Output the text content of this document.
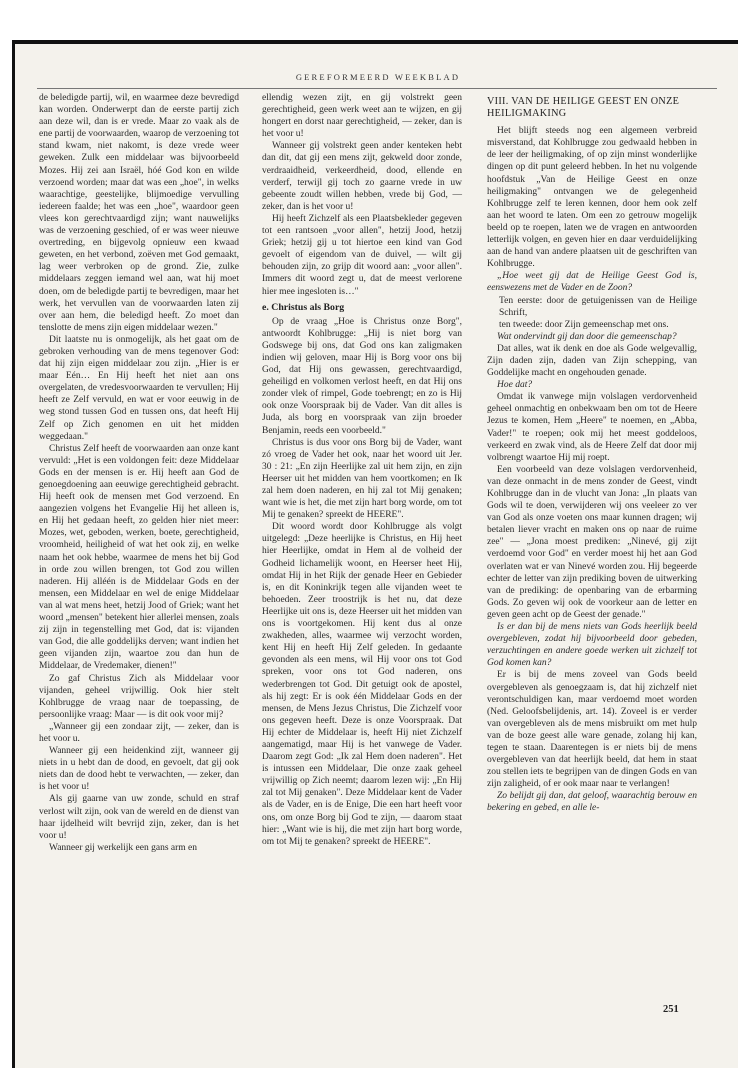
GEREFORMEERD WEEKBLAD

de beledigde partij, wil, en waarmee deze bevredigd kan worden. Onderwerpt dan de eerste partij zich aan deze wil, dan is er vrede. Maar zo vaak als de ene partij de voorwaarden, waarop de verzoening tot stand kwam, niet nakomt, is deze vrede weer geweken. Zulk een middelaar was bijvoorbeeld Mozes. Hij zei aan Israël, hóé God kon en wilde verzoend worden; maar dat was een „hoe", in welks waarachtige, geestelijke, blijmoedige vervulling iedereen faalde; het was een „hoe", waardoor geen vlees kon gerechtvaardigd zijn; want nauwelijks was de verzoening geschied, of er was weer nieuwe overtreding, en bijgevolg opnieuw een kwaad geweten, en het verbond, zoëven met God gemaakt, lag weer verbroken op de grond. Zie, zulke middelaars zeggen iemand wel aan, wat hij moet doen, om de beledigde partij te bevredigen, maar het werk, het vervullen van de voorwaarden laten zij over aan hem, die beledigd heeft. Zo moet dan tenslotte de mens zijn eigen middelaar wezen."

Dit laatste nu is onmogelijk, als het gaat om de gebroken verhouding van de mens tegenover God: dat hij zijn eigen middelaar zou zijn. „Hier is er maar Eén… En Hij heeft het niet aan ons overgelaten, de vredesvoorwaarden te vervullen; Hij heeft ze Zelf vervuld, en wat er voor eeuwig in de weg stond tussen God en tussen ons, dat heeft Hij Zelf op Zich genomen en uit het midden weggedaan."

Christus Zelf heeft de voorwaarden aan onze kant vervuld: „Het is een voldongen feit: deze Middelaar Gods en der mensen is er. Hij heeft aan God de genoegdoening aan eeuwige gerechtigheid gebracht. Hij heeft ook de mensen met God verzoend. En aangezien volgens het Evangelie Hij het alleen is, en Hij het gedaan heeft, zo gelden hier niet meer: Mozes, wet, geboden, werken, boete, gerechtigheid, vroomheid, heiligheid of wat het ook zij, en welke naam het ook hebbe, waarmee de mens het bij God in orde zou willen brengen, tot God zou willen naderen. Hij alléén is de Middelaar Gods en der mensen, een Middelaar en wel de enige Middelaar van al wat mens heet, hetzij Jood of Griek; want het woord „mensen" betekent hier allerlei mensen, zoals zij zijn in tegenstelling met God, dat is: vijanden van God, die alle goddelijks derven; want indien het geen vijanden zijn, waartoe zou dan hun de Middelaar, de Vredemaker, dienen!"

Zo gaf Christus Zich als Middelaar voor vijanden, geheel vrijwillig. Ook hier stelt Kohlbrugge de vraag naar de toepassing, de persoonlijke vraag: Maar — is dit ook voor mij?

„Wanneer gij een zondaar zijt, — zeker, dan is het voor u.

Wanneer gij een heidenkind zijt, wanneer gij niets in u hebt dan de dood, en gevoelt, dat gij ook niets dan de dood hebt te verwachten, — zeker, dan is het voor u!

Als gij gaarne van uw zonde, schuld en straf verlost wilt zijn, ook van de wereld en de dienst van haar ijdelheid wilt bevrijd zijn, zeker, dan is het voor u!

Wanneer gij werkelijk een gans arm en

ellendig wezen zijt, en gij volstrekt geen gerechtigheid, geen werk weet aan te wijzen, en gij hongert en dorst naar gerechtigheid, — zeker, dan is het voor u!

Wanneer gij volstrekt geen ander kenteken hebt dan dit, dat gij een mens zijt, gekweld door zonde, verdraaidheid, verkeerdheid, dood, ellende en verderf, terwijl gij toch zo gaarne vrede in uw gebeente zoudt willen hebben, vrede bij God, — zeker, dan is het voor u!

Hij heeft Zichzelf als een Plaatsbekleder gegeven tot een rantsoen „voor allen", hetzij Jood, hetzij Griek; hetzij gij u tot hiertoe een kind van God gevoelt of eigendom van de duivel, — wilt gij behouden zijn, zo grijp dit woord aan: „voor allen". Immers dit woord zegt u, dat de meest verlorene hier mee ingesloten is…"

e. Christus als Borg

Op de vraag „Hoe is Christus onze Borg", antwoordt Kohlbrugge: „Hij is niet borg van Godswege bij ons, dat God ons kan zaligmaken indien wij geloven, maar Hij is Borg voor ons bij God, dat Hij ons gewassen, gerechtvaardigd, geheiligd en volkomen verlost heeft, en dat Hij ons zonder vlek of rimpel, Gode toebrengt; en zo is Hij ook onze Voorspraak bij de Vader. Van dit alles is Juda, als borg en voorspraak van zijn broeder Benjamin, reeds een voorbeeld."

Christus is dus voor ons Borg bij de Vader, want zó vroeg de Vader het ook, naar het woord uit Jer. 30 : 21: „En zijn Heerlijke zal uit hem zijn, en zijn Heerser uit het midden van hem voortkomen; en Ik zal hem doen naderen, en hij zal tot Mij genaken; want wie is het, die met zijn hart borg worde, om tot Mij te genaken? spreekt de HEERE".

Dit woord wordt door Kohlbrugge als volgt uitgelegd: „Deze heerlijke is Christus, en Hij heet hier Heerlijke, omdat in Hem al de volheid der Godheid lichamelijk woont, en Heerser heet Hij, omdat Hij in het Rijk der genade Heer en Gebieder is, en dit Koninkrijk tegen alle vijanden weet te behoeden. Zeer troostrijk is het nu, dat deze Heerlijke uit ons is, deze Heerser uit het midden van ons is voortgekomen. Hij kent dus al onze zwakheden, alles, waarmee wij verzocht worden, kent Hij en heeft Hij Zelf geleden. In gedaante gevonden als een mens, wil Hij voor ons tot God spreken, voor ons tot God naderen, ons wederbrengen tot God. Dit getuigt ook de apostel, als hij zegt: Er is ook één Middelaar Gods en der mensen, de Mens Jezus Christus, Die Zichzelf voor ons gegeven heeft. Deze is onze Voorspraak. Dat Hij echter de Middelaar is, heeft Hij niet Zichzelf aangematigd, maar Hij is het vanwege de Vader. Daarom zegt God: „Ik zal Hem doen naderen". Het is intussen een Middelaar, Die onze zaak geheel vrijwillig op Zich neemt; daarom lezen wij: „En Hij zal tot Mij genaken". Deze Middelaar kent de Vader als de Vader, en is de Enige, Die een hart heeft voor ons, om onze Borg bij God te zijn, — daarom staat hier: „Want wie is hij, die met zijn hart borg worde, om tot Mij te genaken? spreekt de HEERE".

VIII. VAN DE HEILIGE GEEST EN ONZE HEILIGMAKING

Het blijft steeds nog een algemeen verbreid misverstand, dat Kohlbrugge zou gedwaald hebben in de leer der heiligmaking, of op zijn minst wonderlijke dingen op dit punt geleerd hebben. In het nu volgende hoofdstuk „Van de Heilige Geest en onze heiligmaking" ontvangen we de gelegenheid Kohlbrugge zelf te leren kennen, door hem ook zelf aan het woord te laten. Om een zo getrouw mogelijk beeld op te roepen, laten we de vragen en antwoorden letterlijk volgen, en geven hier en daar verduidelijking aan de hand van andere plaatsen uit de geschriften van Kohlbrugge.

„Hoe weet gij dat de Heilige Geest God is, eenswezens met de Vader en de Zoon?

Ten eerste: door de getuigenissen van de Heilige Schrift,

ten tweede: door Zijn gemeenschap met ons.

Wat ondervindt gij dan door die gemeenschap?

Dat alles, wat ik denk en doe als Gode welgevallig, Zijn daden zijn, daden van Zijn schepping, van Goddelijke macht en ongehouden genade.

Hoe dat?

Omdat ik vanwege mijn volslagen verdorvenheid geheel onmachtig en onbekwaam ben om tot de Heere Jezus te komen, Hem „Heere" te noemen, en „Abba, Vader!" te roepen; ook mij het meest goddeloos, verkeerd en zwak vind, als de Heere Zelf dat door mij volbrengt waartoe Hij mij roept.

Een voorbeeld van deze volslagen verdorvenheid, van deze onmacht in de mens zonder de Geest, vindt Kohlbrugge dan in de vlucht van Jona: „In plaats van Gods wil te doen, verwijderen wij ons veeleer zo ver van God als onze voeten ons maar kunnen dragen; wij betalen liever vracht en maken ons op naar de ruime zee" — „Jona moest prediken: „Ninevé, gij zijt verdoemd voor God" en verder moest hij het aan God overlaten wat er van Ninevé worden zou. Hij begeerde echter de letter van zijn prediking boven de uitwerking van de prediking: de openbaring van de erbarming Gods. Zo geven wij ook de voorkeur aan de letter en geven geen acht op de Geest der genade."

Is er dan bij de mens niets van Gods heerlijk beeld overgebleven, zodat hij bijvoorbeeld door gebeden, verzuchtingen en andere goede werken uit zichzelf tot God komen kan?

Er is bij de mens zoveel van Gods beeld overgebleven als genoegzaam is, dat hij zichzelf niet verontschuldigen kan, maar verdoemd moet worden (Ned. Geloofsbelijdenis, art. 14). Zoveel is er verder van overgebleven als de mens misbruikt om met hulp van de boze geest alle ware genade, zolang hij kan, tegen te staan. Daarentegen is er niets bij de mens overgebleven van dat heerlijk beeld, dat hem in staat zou stellen iets te begrijpen van de dingen Gods en van zijn zaligheid, of er ook maar naar te verlangen!

Zo belijdt gij dan, dat geloof, waarachtig berouw en bekering en gebed, en alle le-

251
